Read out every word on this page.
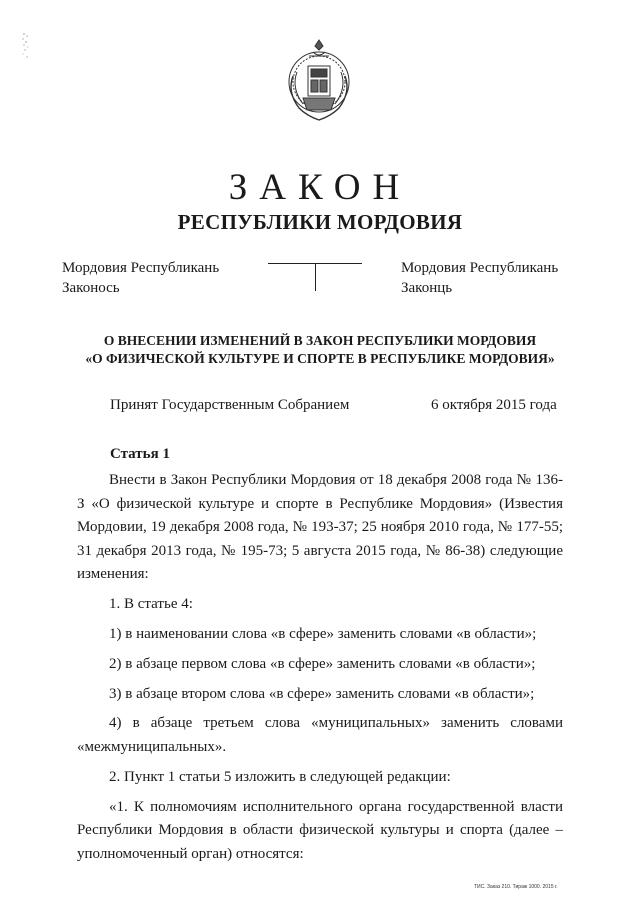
ЗАКОН
РЕСПУБЛИКИ МОРДОВИЯ
Мордовия Республикань
Законось
Мордовия Республикань
Законць
О ВНЕСЕНИИ ИЗМЕНЕНИЙ В ЗАКОН РЕСПУБЛИКИ МОРДОВИЯ
«О ФИЗИЧЕСКОЙ КУЛЬТУРЕ И СПОРТЕ В РЕСПУБЛИКЕ МОРДОВИЯ»
Принят Государственным Собранием	6 октября 2015 года
Статья 1

Внести в Закон Республики Мордовия от 18 декабря 2008 года № 136-З «О физической культуре и спорте в Республике Мордовия» (Известия Мордовии, 19 декабря 2008 года, № 193-37; 25 ноября 2010 года, № 177-55; 31 декабря 2013 года, № 195-73; 5 августа 2015 года, № 86-38) следующие изменения:

1. В статье 4:

1) в наименовании слова «в сфере» заменить словами «в области»;

2) в абзаце первом слова «в сфере» заменить словами «в области»;

3) в абзаце втором слова «в сфере» заменить словами «в области»;

4) в абзаце третьем слова «муниципальных» заменить словами «межмуниципальных».

2. Пункт 1 статьи 5 изложить в следующей редакции:

«1. К полномочиям исполнительного органа государственной власти Республики Мордовия в области физической культуры и спорта (далее – уполномоченный орган) относятся:

ТИС. Заказ 210. Тираж 1000. 2015 г.
